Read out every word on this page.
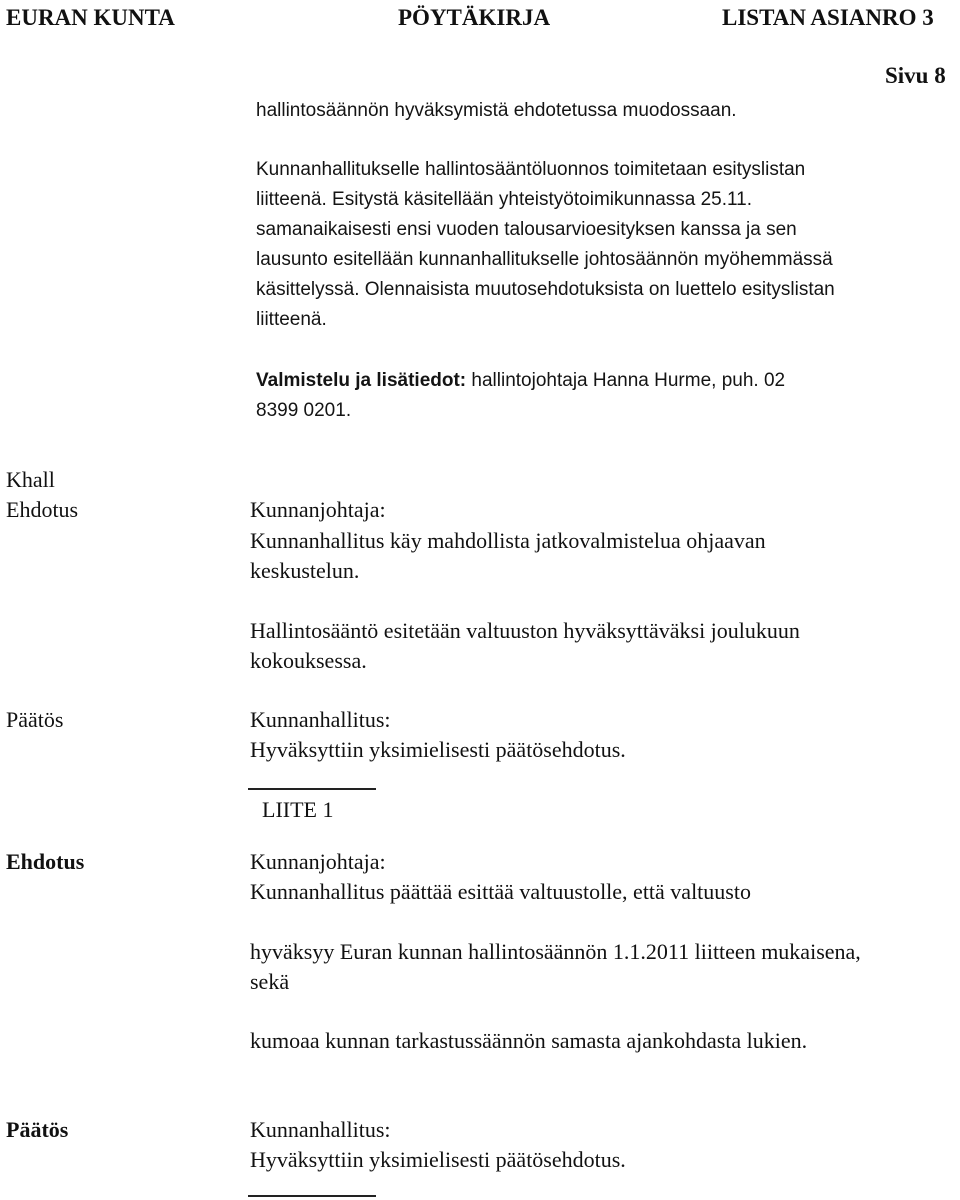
EURAN KUNTA	PÖYTÄKIRJA	LISTAN ASIANRO 3
Sivu 8
hallintosäännön hyväksymistä ehdotetussa muodossaan.
Kunnanhallitukselle hallintosääntöluonnos toimitetaan esityslistan
liitteenä. Esitystä käsitellään yhteistyötoimikunnassa 25.11.
samanaikaisesti ensi vuoden talousarvioesityksen kanssa ja sen
lausunto esitellään kunnanhallitukselle johtosäännön myöhemmässä
käsittelyssä. Olennaisista muutosehdotuksista on luettelo esityslistan
liitteenä.
Valmistelu ja lisätiedot: hallintojohtaja Hanna Hurme, puh. 02
8399 0201.
Khall
Ehdotus	Kunnanjohtaja:
Kunnanhallitus käy mahdollista jatkovalmistelua ohjaavan
keskustelun.
Hallintosääntö esitetään valtuuston hyväksyttäväksi joulukuun
kokouksessa.
Päätös	Kunnanhallitus:
Hyväksyttiin yksimielisesti päätösehdotus.
LIITE 1
Ehdotus	Kunnanjohtaja:
Kunnanhallitus päättää esittää valtuustolle, että valtuusto
hyväksyy Euran kunnan hallintosäännön 1.1.2011 liitteen mukaisena,
sekä
kumoaa kunnan tarkastussäännön samasta ajankohdasta lukien.
Päätös	Kunnanhallitus:
Hyväksyttiin yksimielisesti päätösehdotus.
